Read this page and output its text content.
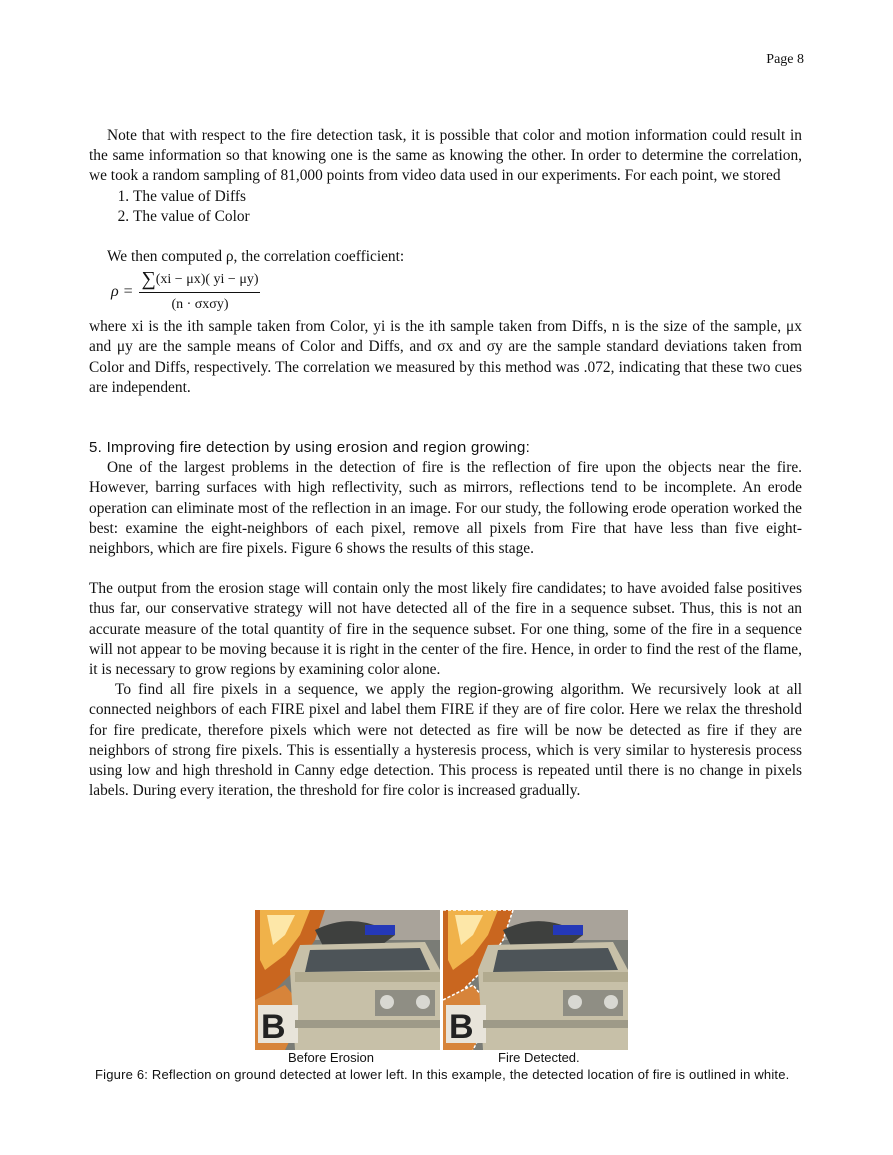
Page 8

Note that with respect to the fire detection task, it is possible that color and motion information could result in the same information so that knowing one is the same as knowing the other. In order to determine the correlation, we took a random sampling of 81,000 points from video data used in our experiments. For each point, we stored

1. The value of Diffs
2. The value of Color

We then computed ρ, the correlation coefficient:

$\rho = \frac{\sum(xi - \mu x)( yi - \mu y)}{\text{(n · σxσy)}}$

where xi is the ith sample taken from Color, yi is the ith sample taken from Diffs, n is the size of the sample, μx and μy are the sample means of Color and Diffs, and σx and σy are the sample standard deviations taken from Color and Diffs, respectively. The correlation we measured by this method was .072, indicating that these two cues are independent.

5. Improving fire detection by using erosion and region growing:

One of the largest problems in the detection of fire is the reflection of fire upon the objects near the fire. However, barring surfaces with high reflectivity, such as mirrors, reflections tend to be incomplete. An erode operation can eliminate most of the reflection in an image. For our study, the following erode operation worked the best: examine the eight-neighbors of each pixel, remove all pixels from Fire that have less than five eight-neighbors, which are fire pixels. Figure 6 shows the results of this stage.

The output from the erosion stage will contain only the most likely fire candidates; to have avoided false positives thus far, our conservative strategy will not have detected all of the fire in a sequence subset. Thus, this is not an accurate measure of the total quantity of fire in the sequence subset. For one thing, some of the fire in a sequence will not appear to be moving because it is right in the center of the fire. Hence, in order to find the rest of the flame, it is necessary to grow regions by examining color alone.

To find all fire pixels in a sequence, we apply the region-growing algorithm. We recursively look at all connected neighbors of each FIRE pixel and label them FIRE if they are of fire color. Here we relax the threshold for fire predicate, therefore pixels which were not detected as fire will be now be detected as fire if they are neighbors of strong fire pixels. This is essentially a hysteresis process, which is very similar to hysteresis process using low and high threshold in Canny edge detection. This process is repeated until there is no change in pixels labels. During every iteration, the threshold for fire color is increased gradually.

B	B
Before Erosion	Fire Detected.
Figure 6: Reflection on ground detected at lower left. In this example, the detected location of fire is outlined in white.
